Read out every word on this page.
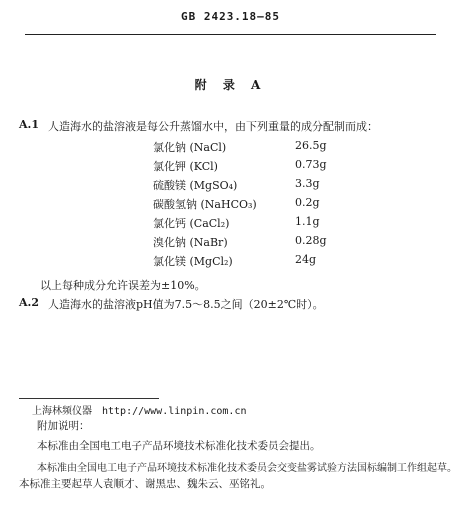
GB 2423.18—85
附 录 A
A.1 人造海水的盐溶液是每公升蒸馏水中，由下列重量的成分配制而成：
氯化钠 (NaCl)	26.5g
氯化钾 (KCl)	0.73g
硫酸镁 (MgSO₄)	3.3g
碳酸氢钠 (NaHCO₃)	0.2g
氯化钙 (CaCl₂)	1.1g
溴化钠 (NaBr)	0.28g
氯化镁 (MgCl₂)	24g
以上每种成分允许误差为±10%。
A.2 人造海水的盐溶液pH值为7.5～8.5之间（20±2℃时）。
上海林频仪器 http://www.linpin.com.cn
附加说明：
本标准由全国电工电子产品环境技术标准化技术委员会提出。
本标准由全国电工电子产品环境技术标准化技术委员会交变盐雾试验方法国标编制工作组起草。
本标准主要起草人袁顺才、谢黑忠、魏朱云、巫铭礼。
